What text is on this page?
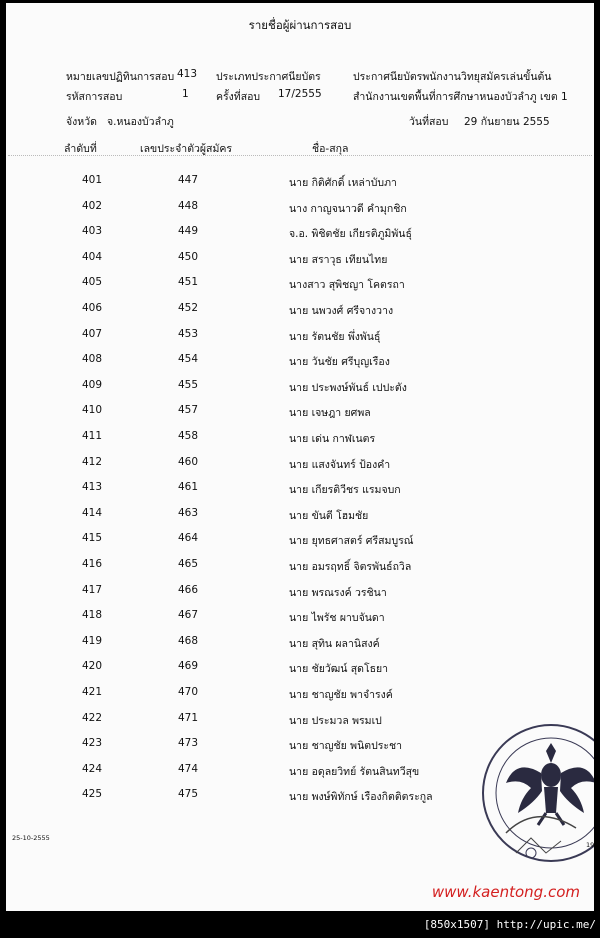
รายชื่อผู้ผ่านการสอบ
หมายเลขปฏิทินการสอบ 413 ประเภทประกาศนียบัตร	ประกาศนียบัตรพนักงานวิทยุสมัครเล่นขั้นต้น
รหัสการสอบ	1	ครั้งที่สอบ 17/2555	สำนักงานเขตพื้นที่การศึกษาหนองบัวลำภู เขต 1
จังหวัด จ.หนองบัวลำภู	วันที่สอบ 29 กันยายน 2555
ลำดับที่	เลขประจำตัวผู้สมัคร	ชื่อ-สกุล
401	447	นาย กิติศักดิ์ เหล่าบับภา
402	448	นาง กาญจนาวดี คำมุกชิก
403	449	จ.อ. พิชิตชัย เกียรติภูมิพันธุ์
404	450	นาย สราวุธ เทียนไทย
405	451	นางสาว สุพิชญา โคตรถา
406	452	นาย นพวงศ์ ศรีจางวาง
407	453	นาย รัตนชัย พึ่งพันธุ์
408	454	นาย วันชัย ศรีบุญเรือง
409	455	นาย ประพงษ์พันธ์ เปปะตัง
410	457	นาย เจษฎา ยศพล
411	458	นาย เด่น กาฬเนตร
412	460	นาย แสงจันทร์ ป้องคำ
413	461	นาย เกียรติวีชร แรมจบก
414	463	นาย ขันตี โฮมชัย
415	464	นาย ยุทธศาสตร์ ศรีสมบูรณ์
416	465	นาย อมรฤทธิ์ จิตรพันธ์ถวิล
417	466	นาย พรณรงค์ วรชินา
418	467	นาย ไพรัช ผาบจันดา
419	468	นาย สุทิน ผลานิสงค์
420	469	นาย ชัยวัฒน์ สุดโธยา
421	470	นาย ชาญชัย พาจำรงค์
422	471	นาย ประมวล พรมเป
423	473	นาย ชาญชัย พนิตประชา
424	474	นาย อดุลยวิทย์ รัตนสินทวีสุข
425	475	นาย พงษ์พิทักษ์ เรืองกิตติตระกูล
25-10-2555
19
www.kaentong.com
[850x1507] http://upic.me/
